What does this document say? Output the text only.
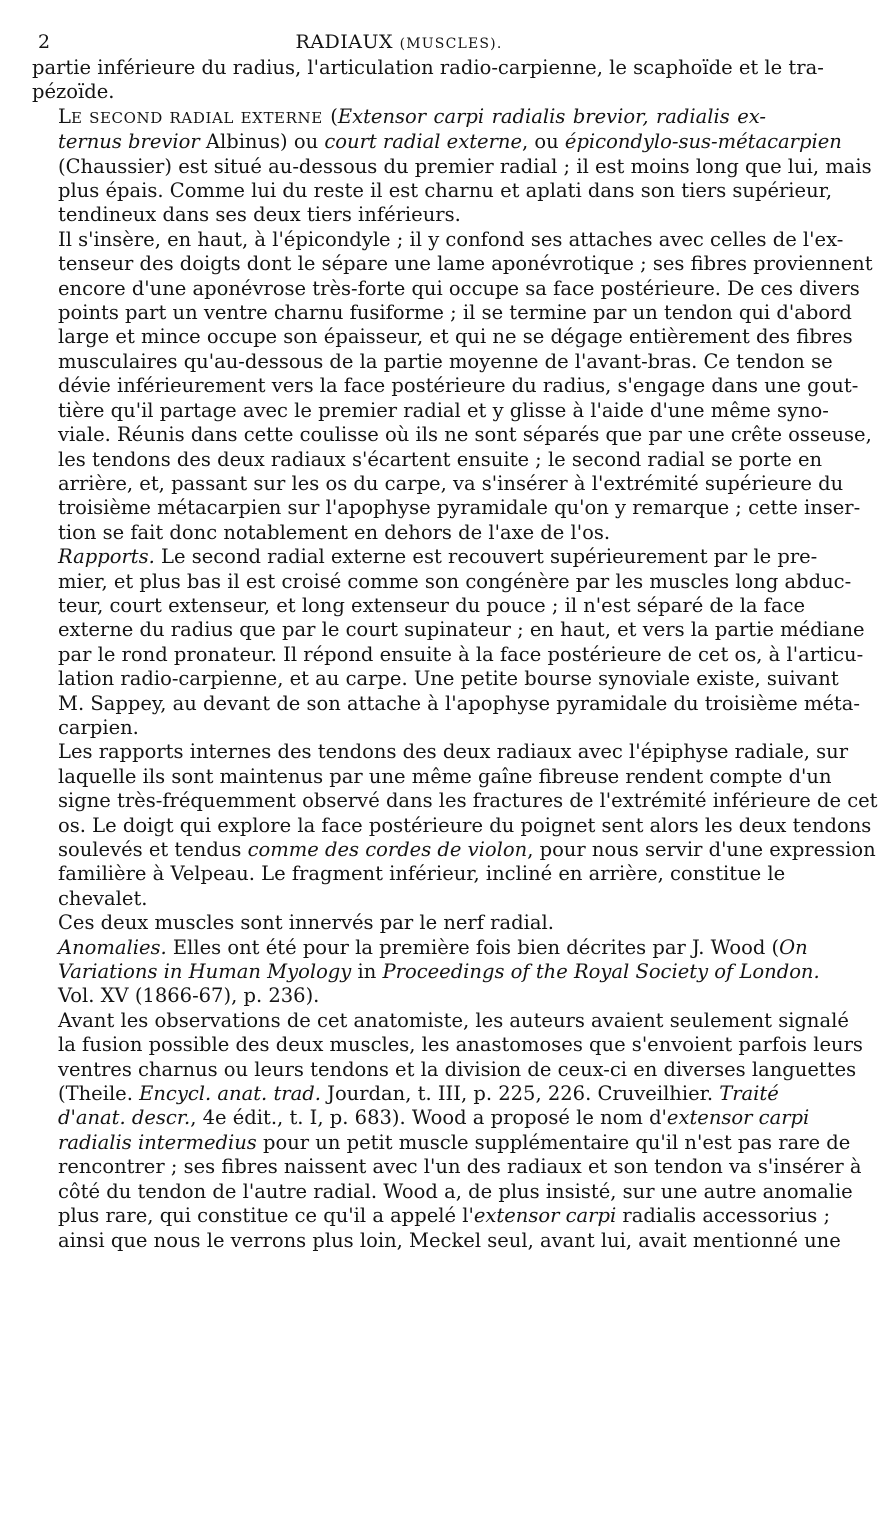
2	RADIAUX (MUSCLES).

partie inférieure du radius, l'articulation radio-carpienne, le scaphoïde et le tra-
pézoïde.

LE SECOND RADIAL EXTERNE (Extensor carpi radialis brevior, radialis ex-
ternus brevior Albinus) ou court radial externe, ou épicondylo-sus-métacarpien
(Chaussier) est situé au-dessous du premier radial ; il est moins long que lui, mais
plus épais. Comme lui du reste il est charnu et aplati dans son tiers supérieur,
tendineux dans ses deux tiers inférieurs.

Il s'insère, en haut, à l'épicondyle ; il y confond ses attaches avec celles de l'ex-
tenseur des doigts dont le sépare une lame aponévrotique ; ses fibres proviennent
encore d'une aponévrose très-forte qui occupe sa face postérieure. De ces divers
points part un ventre charnu fusiforme ; il se termine par un tendon qui d'abord
large et mince occupe son épaisseur, et qui ne se dégage entièrement des fibres
musculaires qu'au-dessous de la partie moyenne de l'avant-bras. Ce tendon se
dévie inférieurement vers la face postérieure du radius, s'engage dans une gout-
tière qu'il partage avec le premier radial et y glisse à l'aide d'une même syno-
viale. Réunis dans cette coulisse où ils ne sont séparés que par une crête osseuse,
les tendons des deux radiaux s'écartent ensuite ; le second radial se porte en
arrière, et, passant sur les os du carpe, va s'insérer à l'extrémité supérieure du
troisième métacarpien sur l'apophyse pyramidale qu'on y remarque ; cette inser-
tion se fait donc notablement en dehors de l'axe de l'os.

Rapports. Le second radial externe est recouvert supérieurement par le pre-
mier, et plus bas il est croisé comme son congénère par les muscles long abduc-
teur, court extenseur, et long extenseur du pouce ; il n'est séparé de la face
externe du radius que par le court supinateur ; en haut, et vers la partie médiane
par le rond pronateur. Il répond ensuite à la face postérieure de cet os, à l'articu-
lation radio-carpienne, et au carpe. Une petite bourse synoviale existe, suivant
M. Sappey, au devant de son attache à l'apophyse pyramidale du troisième méta-
carpien.

Les rapports internes des tendons des deux radiaux avec l'épiphyse radiale, sur
laquelle ils sont maintenus par une même gaîne fibreuse rendent compte d'un
signe très-fréquemment observé dans les fractures de l'extrémité inférieure de cet
os. Le doigt qui explore la face postérieure du poignet sent alors les deux tendons
soulevés et tendus comme des cordes de violon, pour nous servir d'une expression
familière à Velpeau. Le fragment inférieur, incliné en arrière, constitue le
chevalet.

Ces deux muscles sont innervés par le nerf radial.

Anomalies. Elles ont été pour la première fois bien décrites par J. Wood (On
Variations in Human Myology in Proceedings of the Royal Society of London.
Vol. XV (1866-67), p. 236).

Avant les observations de cet anatomiste, les auteurs avaient seulement signalé
la fusion possible des deux muscles, les anastomoses que s'envoient parfois leurs
ventres charnus ou leurs tendons et la division de ceux-ci en diverses languettes
(Theile. Encycl. anat. trad. Jourdan, t. III, p. 225, 226. Cruveilhier. Traité
d'anat. descr., 4e édit., t. I, p. 683). Wood a proposé le nom d'extensor carpi
radialis intermedius pour un petit muscle supplémentaire qu'il n'est pas rare de
rencontrer ; ses fibres naissent avec l'un des radiaux et son tendon va s'insérer à
côté du tendon de l'autre radial. Wood a, de plus insisté, sur une autre anomalie
plus rare, qui constitue ce qu'il a appelé l'extensor carpi radialis accessorius ;
ainsi que nous le verrons plus loin, Meckel seul, avant lui, avait mentionné une
